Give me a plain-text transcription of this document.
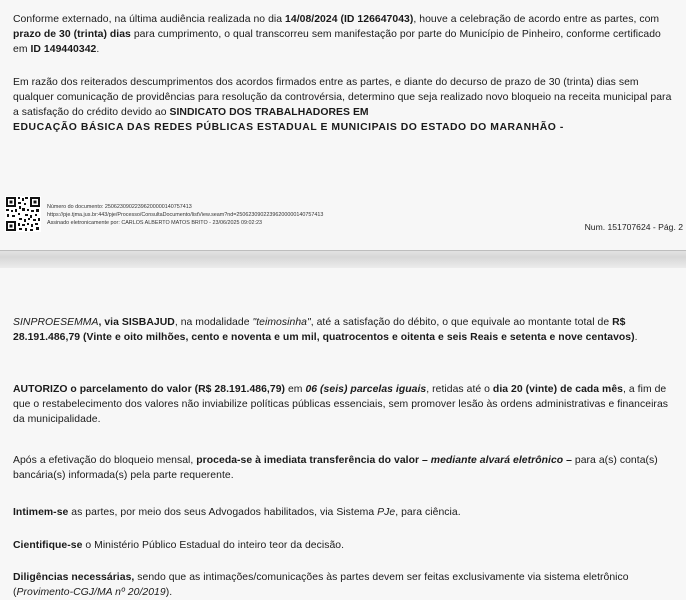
Conforme externado, na última audiência realizada no dia 14/08/2024 (ID 126647043), houve a celebração de acordo entre as partes, com prazo de 30 (trinta) dias para cumprimento, o qual transcorreu sem manifestação por parte do Município de Pinheiro, conforme certificado em ID 149440342.

Em razão dos reiterados descumprimentos dos acordos firmados entre as partes, e diante do decurso de prazo de 30 (trinta) dias sem qualquer comunicação de providências para resolução da controvérsia, determino que seja realizado novo bloqueio na receita municipal para a satisfação do crédito devido ao SINDICATO DOS TRABALHADORES EM
EDUCAÇÃO BÁSICA DAS REDES PÚBLICAS ESTADUAL E MUNICIPAIS DO ESTADO DO MARANHÃO -

Número do documento: 25062309022396200000140757413
https://pje.tjma.jus.br:443/pje/Processo/ConsultaDocumento/listView.seam?nd=25062309022396200000140757413
Assinado eletronicamente por: CARLOS ALBERTO MATOS BRITO - 23/06/2025 09:02:23	Num. 151707624 - Pág. 2

SINPROESEMMA, via SISBAJUD, na modalidade "teimosinha", até a satisfação do débito, o que equivale ao montante total de R$ 28.191.486,79 (Vinte e oito milhões, cento e noventa e um mil, quatrocentos e oitenta e seis Reais e setenta e nove centavos).

AUTORIZO o parcelamento do valor (R$ 28.191.486,79) em 06 (seis) parcelas iguais, retidas até o dia 20 (vinte) de cada mês, a fim de que o restabelecimento dos valores não inviabilize políticas públicas essenciais, sem promover lesão às ordens administrativas e financeiras da municipalidade.

Após a efetivação do bloqueio mensal, proceda-se à imediata transferência do valor – mediante alvará eletrônico – para a(s) conta(s) bancária(s) informada(s) pela parte requerente.

Intimem-se as partes, por meio dos seus Advogados habilitados, via Sistema PJe, para ciência.

Cientifique-se o Ministério Público Estadual do inteiro teor da decisão.

Diligências necessárias, sendo que as intimações/comunicações às partes devem ser feitas exclusivamente via sistema eletrônico (Provimento-CGJ/MA nº 20/2019).
